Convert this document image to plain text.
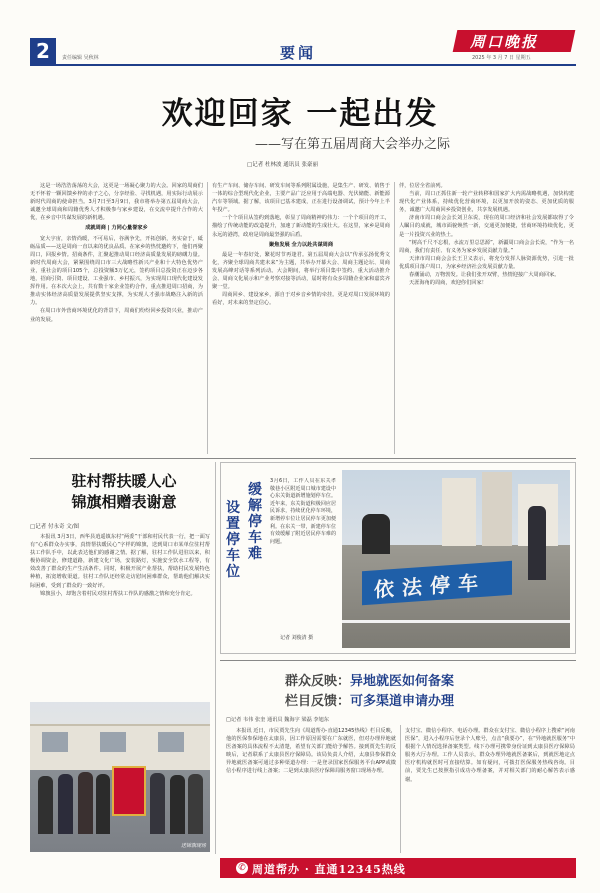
2	责任编辑 吴秋林	要闻	2025 年 3 月 7 日 星期五
周口晚报
欢迎回家 一起出发
——写在第五届周商大会举办之际
□记者 杜林波 通讯员 张豪丽

这是一场浩浩荡荡的大会，这更是一场凝心聚力的大会。回家的周商们无不怀着一颗回馈乡梓的赤子之心，分享经验、寻找机遇，用实际行动展示新时代周商的使命担当。3月7日至3月9日，我市将举办第五届周商大会，诚邀全球周商和周籍优秀人才积极参与家乡建设，在交流中提升合作的大优，在乡音中共谋发展的新机遇。

成就周商 | 力同心量誉家乡

宽大宇宙，亲情尚暖，不可易后，谷满争先，开拓创新，务实奋于，砥砺品质——这是周商一直以来的优良品质。在家乡的热忱邀约下，他们再聚周口，回报乡情。招商条件，汇聚起推动周口经济高质量发展的磅礴力量。新时代周商大会，紧紧围绕周口市三大战略性新兴产业和十大特色优势产业，重社会的项目105个，总投资额3万亿元，签约项目总投资正在迈步各地，招商引资、项目建设、工业强市、乡村振兴，为实现周口现代化建设发挥作用。在本次大会上，共有数十家企业签约合作，重点推进周口招商，为推动实体经济高质量发展提供坚实支撑，为实现人才强市战略注入新的活力。

在周口市外营商环境优化的背景下，周商们纷纷回乡投资兴业，推动产业的发展。

有生产车间、储存车间、研发车间等系列附属设施，是集生产、研发、销售于一体的综合型现代化企业，主要产品广泛应用于高端电器、光伏储能、新能源汽车等领域。据了解，该项目已基本建成，正在进行设备调试，预计今年上半年投产。

一个个项目从签约到落地，彰显了周商精神的伟力：一个个项目的开工，描绘了传统动能的改造提升，加速了新动能的生成壮大。在这里，家乡是周商永远的港湾，政府是周商最坚强的后盾。

聚焦发展 全力以赴共谋周商

最是一年春好处，繁花时节再逢君。第五届周商大会以“传承弘扬优秀文化，齐聚全球周商共建未来”为主题，共举办开幕大会、周商主题论坛、周商发展高峰对话等系列活动。大会期间，将举行项目集中签约、重大活动推介会、周商文化展示和产业考察对接等活动，届时将有众多周籍企业家和嘉宾齐聚一堂。

周商回乡、建设家乡，源自于对乡音乡情的牵挂。更是对周口发展环境的看好，对未来的坚定信心。

伴，位居全省前列。

当前，周口正抓住新一轮产业转移和国家扩大内需战略机遇，加快构建现代化产业体系，持续优化营商环境，以更加开放的姿态、更加优质的服务，诚邀广大周商回乡投资创业，共享发展机遇。

济南市周口商会会长刘卫东说，现在的周口经济和社会发展都取得了令人瞩目的成就，城市面貌焕然一新，交通更加便捷，营商环境持续优化，更是一片投资兴业的热土。

“树高千尺不忘根，水流万里总思源”，新疆周口商会会长说，“作为一名周商，我们有责任、有义务为家乡发展贡献力量。”

天津市周口商会会长王卫义表示，将充分发挥人脉资源优势，引进一批优质项目落户周口，为家乡经济社会发展贡献力量。

春潮涌动，万物勃发。让我们张开双臂，热情迎接广大周商回家。

天涯海角的周商，欢迎你们回家！

驻村帮扶暖人心
锦旗相赠表谢意
□记者 付永奇 文/图

本报讯 3月3日，西华县逍遥镇东村“两委”干部和村民代表一行，把一面写有“心系群众办实事，真情帮扶暖民心”字样的锦旗，送到周口市某单位驻村帮扶工作队手中，以此表达他们的感谢之情。据了解，驻村工作队进驻以来，积极协调资金，修建道路，新建文化广场，安装路灯，实施安全饮水工程等，有效改善了群众的生产生活条件。同时，积极开展产业帮扶，帮助村民发展特色种植，拓宽增收渠道。驻村工作队还经常走访慰问困难群众，帮助他们解决实际困难，受到了群众的一致好评。

锦旗虽小，却饱含着村民对驻村帮扶工作队的感激之情和充分肯定。

送锦旗现场
设置停车位
缓解停车难
3月6日，工作人员在东关孝敬巷小区附近周口城市建设中心东关街道新增施划停车位。近年来，东关街道积极回应居民诉求，持续优化停车环境，新增停车位让居民停车更加便利。在东关一带，新建停车位有效缓解了附近居民停车难的问题。
记者 刘俊清 摄
依法停车
群众反映：异地就医如何备案
栏目反馈：可多渠道申请办理
□记者 韦伟 张奎 通讯员 魏海宇 梁磊 李旭东
本报讯 近日，市民贾先生向《周道帮办·直通12345热线》栏目反映，他的医保参保地在太康县，因工作原因需要在广东就医，但对办理异地就医备案的具体流程不太清楚，希望有关部门能给予解答。接到贾先生的反映后，记者联系了太康县医疗保障局。该局负责人介绍，太康县参保群众异地就医备案可通过多种渠道办理：一是登录国家医保服务平台APP或微信小程序进行线上备案；二是到太康县医疗保障局服务窗口现场办理。
支付宝、微信小程序、电话办理。群众在支付宝、微信小程序上搜索“河南医保”，进入小程序后登录个人账号，点击“我要办”，在“异地就医服务”中根据个人情况选择备案类型。线下办理可携带身份证到太康县医疗保障局服务大厅办理。工作人员表示，群众办理异地就医备案后，到就医地定点医疗机构就医时可直接结算。如有疑问，可拨打医保服务热线咨询。目前，贾先生已按照指引成功办理备案，并对相关部门的耐心解答表示感谢。
✆ 周道帮办 · 直通12345热线
